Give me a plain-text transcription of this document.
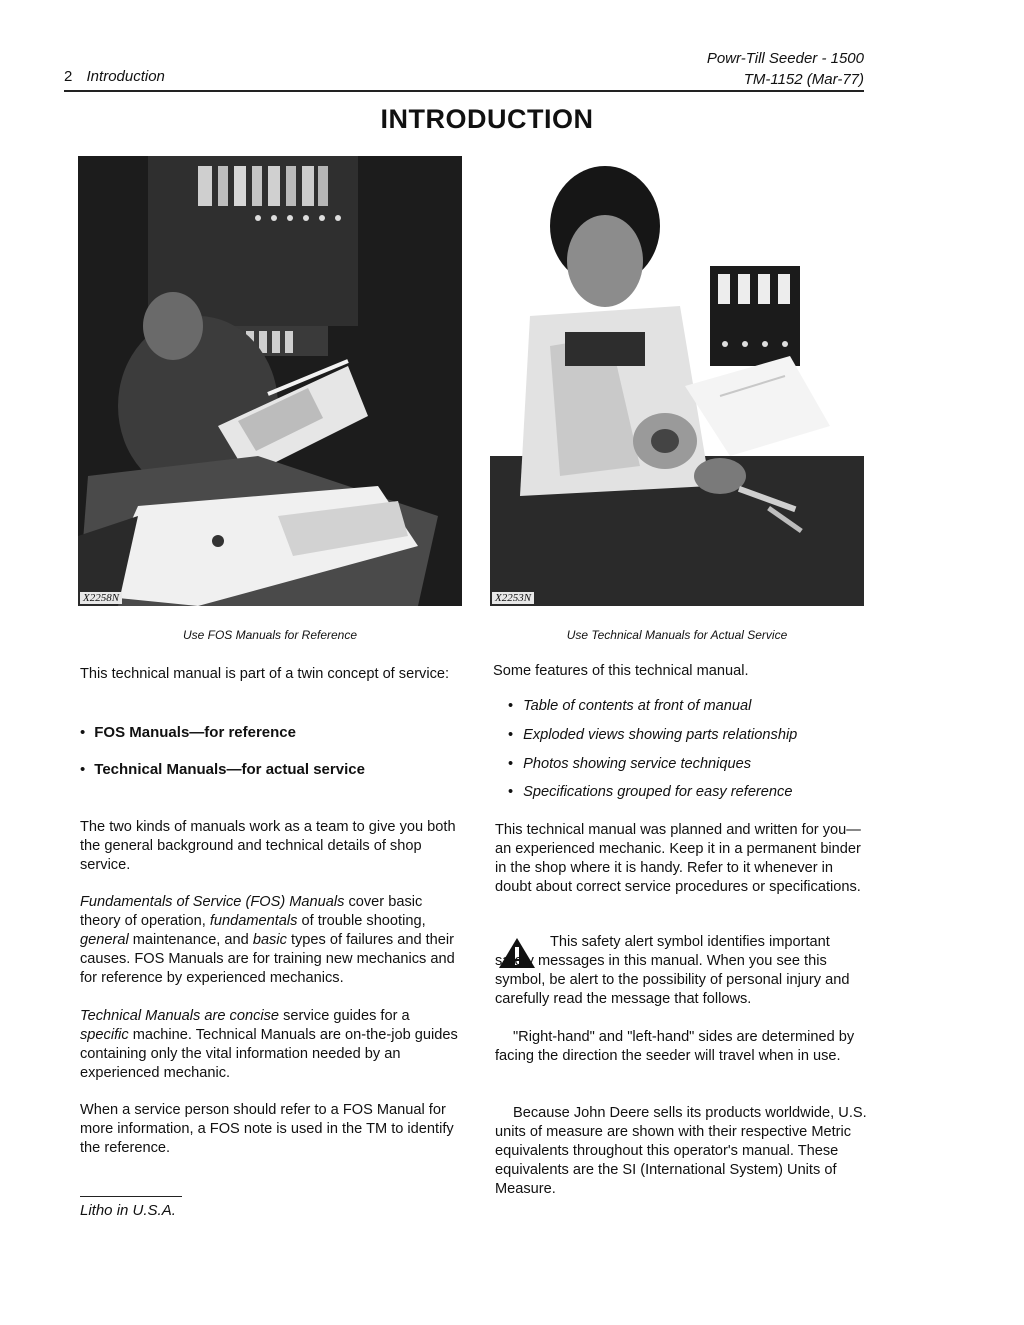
2 Introduction
Powr-Till Seeder - 1500
TM-1152 (Mar-77)
INTRODUCTION
X2258N	X2253N
Use FOS Manuals for Reference	Use Technical Manuals for Actual Service

This technical manual is part of a twin concept of service:

• FOS Manuals—for reference

• Technical Manuals—for actual service

The two kinds of manuals work as a team to give you both the general background and technical details of shop service.

Fundamentals of Service (FOS) Manuals cover basic theory of operation, fundamentals of trouble shooting, general maintenance, and basic types of failures and their causes. FOS Manuals are for training new mechanics and for reference by experienced mechanics.

Technical Manuals are concise service guides for a specific machine. Technical Manuals are on-the-job guides containing only the vital information needed by an experienced mechanic.

When a service person should refer to a FOS Manual for more information, a FOS note is used in the TM to identify the reference.

Some features of this technical manual.

• Table of contents at front of manual

• Exploded views showing parts relationship

• Photos showing service techniques

• Specifications grouped for easy reference

This technical manual was planned and written for you—an experienced mechanic. Keep it in a permanent binder in the shop where it is handy. Refer to it whenever in doubt about correct service procedures or specifications.

This safety alert symbol identifies important safety messages in this manual. When you see this symbol, be alert to the possibility of personal injury and carefully read the message that follows.

"Right-hand" and "left-hand" sides are determined by facing the direction the seeder will travel when in use.

Because John Deere sells its products worldwide, U.S. units of measure are shown with their respective Metric equivalents throughout this operator's manual. These equivalents are the SI (International System) Units of Measure.

Litho in U.S.A.
